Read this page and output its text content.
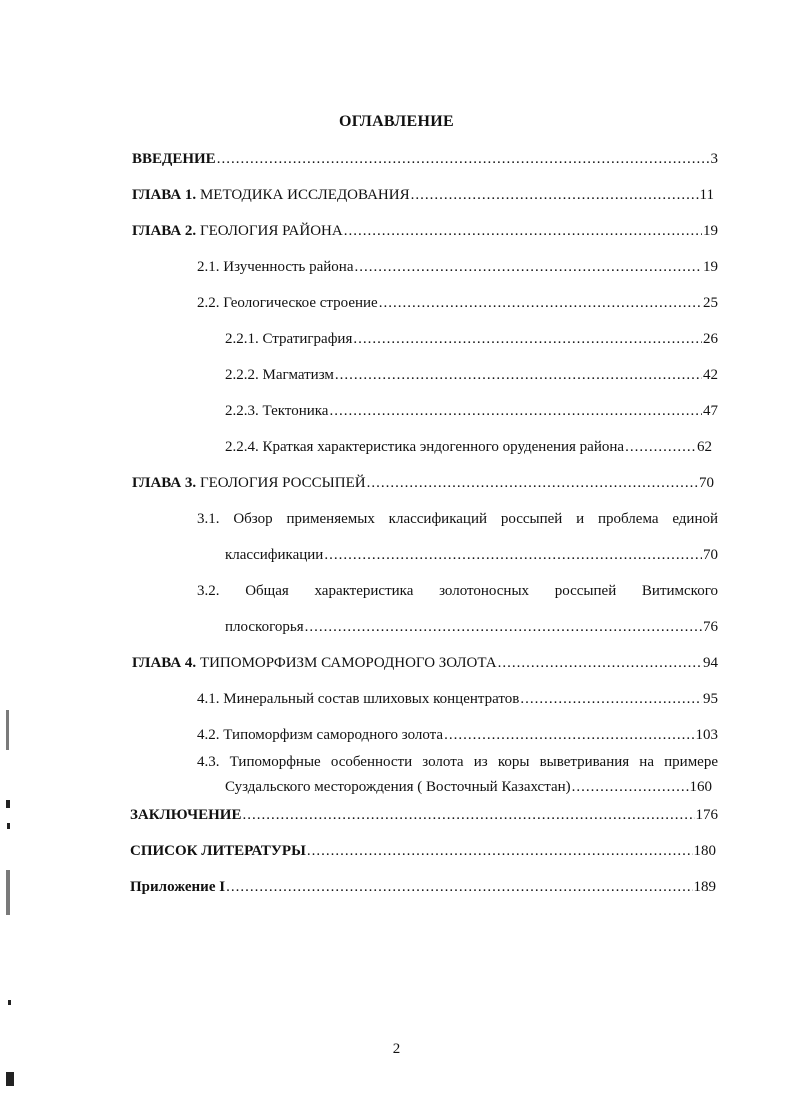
ОГЛАВЛЕНИЕ
ВВЕДЕНИЕ .....	3
ГЛАВА 1. МЕТОДИКА ИССЛЕДОВАНИЯ .....	11
ГЛАВА 2. ГЕОЛОГИЯ РАЙОНА .....	19
2.1. Изученность района .....	19
2.2. Геологическое строение .....	25
2.2.1. Стратиграфия .....	26
2.2.2. Магматизм .....	42
2.2.3. Тектоника .....	47
2.2.4. Краткая характеристика эндогенного оруденения района .....	62
ГЛАВА 3. ГЕОЛОГИЯ РОССЫПЕЙ .....	70
3.1. Обзор применяемых классификаций россыпей и проблема единой
классификации .....	70
3.2. Общая характеристика золотоносных россыпей Витимского
плоскогорья .....	76
ГЛАВА 4. ТИПОМОРФИЗМ САМОРОДНОГО ЗОЛОТА .....	94
4.1. Минеральный состав шлиховых концентратов .....	95
4.2. Типоморфизм самородного золота .....	103
4.3. Типоморфные особенности золота из коры выветривания на примере
Суздальского месторождения ( Восточный Казахстан) .....	160
ЗАКЛЮЧЕНИЕ .....	176
СПИСОК ЛИТЕРАТУРЫ .....	180
Приложение I .....	189
2
